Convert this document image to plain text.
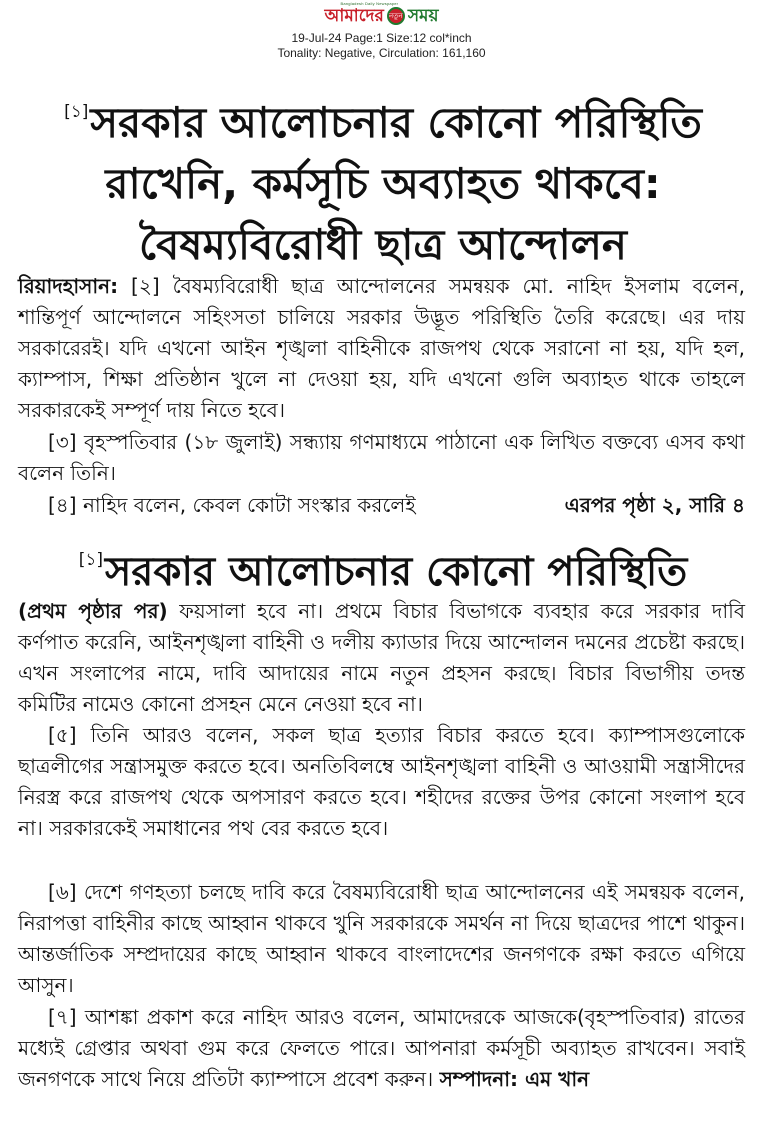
Bangladesh Daily Newspaper
আমাদের নতুন সময়
19-Jul-24 Page:1 Size:12 col*inch
Tonality: Negative, Circulation: 161,160
[১]সরকার আলোচনার কোনো পরিস্থিতি
রাখেনি, কর্মসূচি অব্যাহত থাকবে:
বৈষম্যবিরোধী ছাত্র আন্দোলন

রিয়াদহাসান: [২] বৈষম্যবিরোধী ছাত্র আন্দোলনের সমন্বয়ক মো. নাহিদ ইসলাম বলেন, শান্তিপূর্ণ আন্দোলনে সহিংসতা চালিয়ে সরকার উদ্ভূত পরিস্থিতি তৈরি করেছে। এর দায় সরকারেরই। যদি এখনো আইন শৃঙ্খলা বাহিনীকে রাজপথ থেকে সরানো না হয়, যদি হল, ক্যাম্পাস, শিক্ষা প্রতিষ্ঠান খুলে না দেওয়া হয়, যদি এখনো গুলি অব্যাহত থাকে তাহলে সরকারকেই সম্পূর্ণ দায় নিতে হবে।

[৩] বৃহস্পতিবার (১৮ জুলাই) সন্ধ্যায় গণমাধ্যমে পাঠানো এক লিখিত বক্তব্যে এসব কথা বলেন তিনি।

[৪] নাহিদ বলেন, কেবল কোটা সংস্কার করলেই	এরপর পৃষ্ঠা ২, সারি ৪
[১]সরকার আলোচনার কোনো পরিস্থিতি

(প্রথম পৃষ্ঠার পর) ফয়সালা হবে না। প্রথমে বিচার বিভাগকে ব্যবহার করে সরকার দাবি কর্ণপাত করেনি, আইনশৃঙ্খলা বাহিনী ও দলীয় ক্যাডার দিয়ে আন্দোলন দমনের প্রচেষ্টা করছে। এখন সংলাপের নামে, দাবি আদায়ের নামে নতুন প্রহসন করছে। বিচার বিভাগীয় তদন্ত কমিটির নামেও কোনো প্রসহন মেনে নেওয়া হবে না।

[৫] তিনি আরও বলেন, সকল ছাত্র হত্যার বিচার করতে হবে। ক্যাম্পাসগুলোকে ছাত্রলীগের সন্ত্রাসমুক্ত করতে হবে। অনতিবিলম্বে আইনশৃঙ্খলা বাহিনী ও আওয়ামী সন্ত্রাসীদের নিরস্ত্র করে রাজপথ থেকে অপসারণ করতে হবে। শহীদের রক্তের উপর কোনো সংলাপ হবে না। সরকারকেই সমাধানের পথ বের করতে হবে।

[৬] দেশে গণহত্যা চলছে দাবি করে বৈষম্যবিরোধী ছাত্র আন্দোলনের এই সমন্বয়ক বলেন, নিরাপত্তা বাহিনীর কাছে আহ্বান থাকবে খুনি সরকারকে সমর্থন না দিয়ে ছাত্রদের পাশে থাকুন। আন্তর্জাতিক সম্প্রদায়ের কাছে আহ্বান থাকবে বাংলাদেশের জনগণকে রক্ষা করতে এগিয়ে আসুন।

[৭] আশঙ্কা প্রকাশ করে নাহিদ আরও বলেন, আমাদেরকে আজকে(বৃহস্পতিবার) রাতের মধ্যেই গ্রেপ্তার অথবা গুম করে ফেলতে পারে। আপনারা কর্মসূচী অব্যাহত রাখবেন। সবাই জনগণকে সাথে নিয়ে প্রতিটা ক্যাম্পাসে প্রবেশ করুন। সম্পাদনা: এম খান
